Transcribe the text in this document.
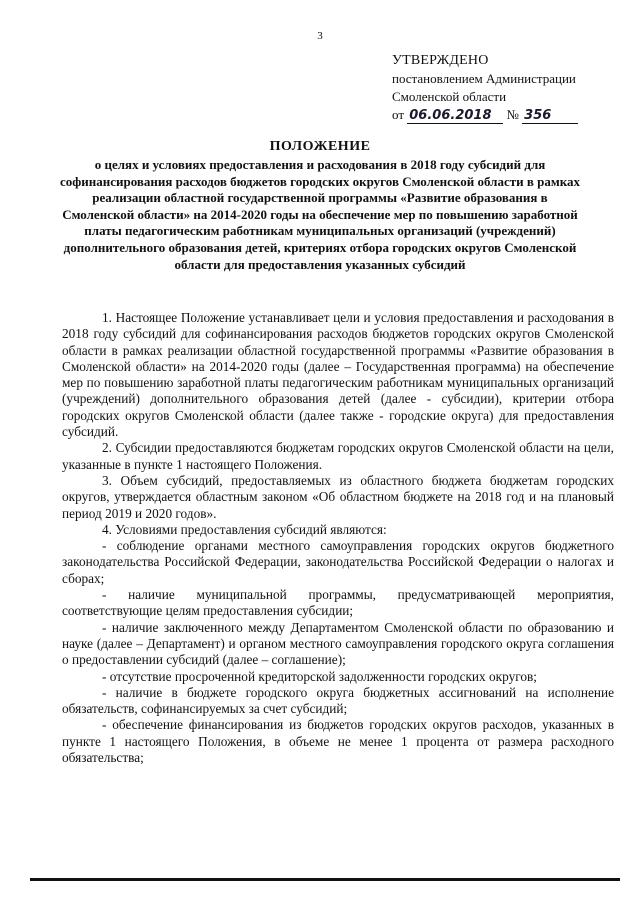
3
УТВЕРЖДЕНО
постановлением Администрации
Смоленской области
от 06.06.2018 № 356
ПОЛОЖЕНИЕ
о целях и условиях предоставления и расходования в 2018 году субсидий для софинансирования расходов бюджетов городских округов Смоленской области в рамках реализации областной государственной программы «Развитие образования в Смоленской области» на 2014-2020 годы на обеспечение мер по повышению заработной платы педагогическим работникам муниципальных организаций (учреждений) дополнительного образования детей, критериях отбора городских округов Смоленской области для предоставления указанных субсидий

1. Настоящее Положение устанавливает цели и условия предоставления и расходования в 2018 году субсидий для софинансирования расходов бюджетов городских округов Смоленской области в рамках реализации областной государственной программы «Развитие образования в Смоленской области» на 2014-2020 годы (далее – Государственная программа) на обеспечение мер по повышению заработной платы педагогическим работникам муниципальных организаций (учреждений) дополнительного образования детей (далее - субсидии), критерии отбора городских округов Смоленской области (далее также - городские округа) для предоставления субсидий.

2. Субсидии предоставляются бюджетам городских округов Смоленской области на цели, указанные в пункте 1 настоящего Положения.

3. Объем субсидий, предоставляемых из областного бюджета бюджетам городских округов, утверждается областным законом «Об областном бюджете на 2018 год и на плановый период 2019 и 2020 годов».

4. Условиями предоставления субсидий являются:

- соблюдение органами местного самоуправления городских округов бюджетного законодательства Российской Федерации, законодательства Российской Федерации о налогах и сборах;

- наличие муниципальной программы, предусматривающей мероприятия, соответствующие целям предоставления субсидии;

- наличие заключенного между Департаментом Смоленской области по образованию и науке (далее – Департамент) и органом местного самоуправления городского округа соглашения о предоставлении субсидий (далее – соглашение);

- отсутствие просроченной кредиторской задолженности городских округов;

- наличие в бюджете городского округа бюджетных ассигнований на исполнение обязательств, софинансируемых за счет субсидий;

- обеспечение финансирования из бюджетов городских округов расходов, указанных в пункте 1 настоящего Положения, в объеме не менее 1 процента от размера расходного обязательства;
